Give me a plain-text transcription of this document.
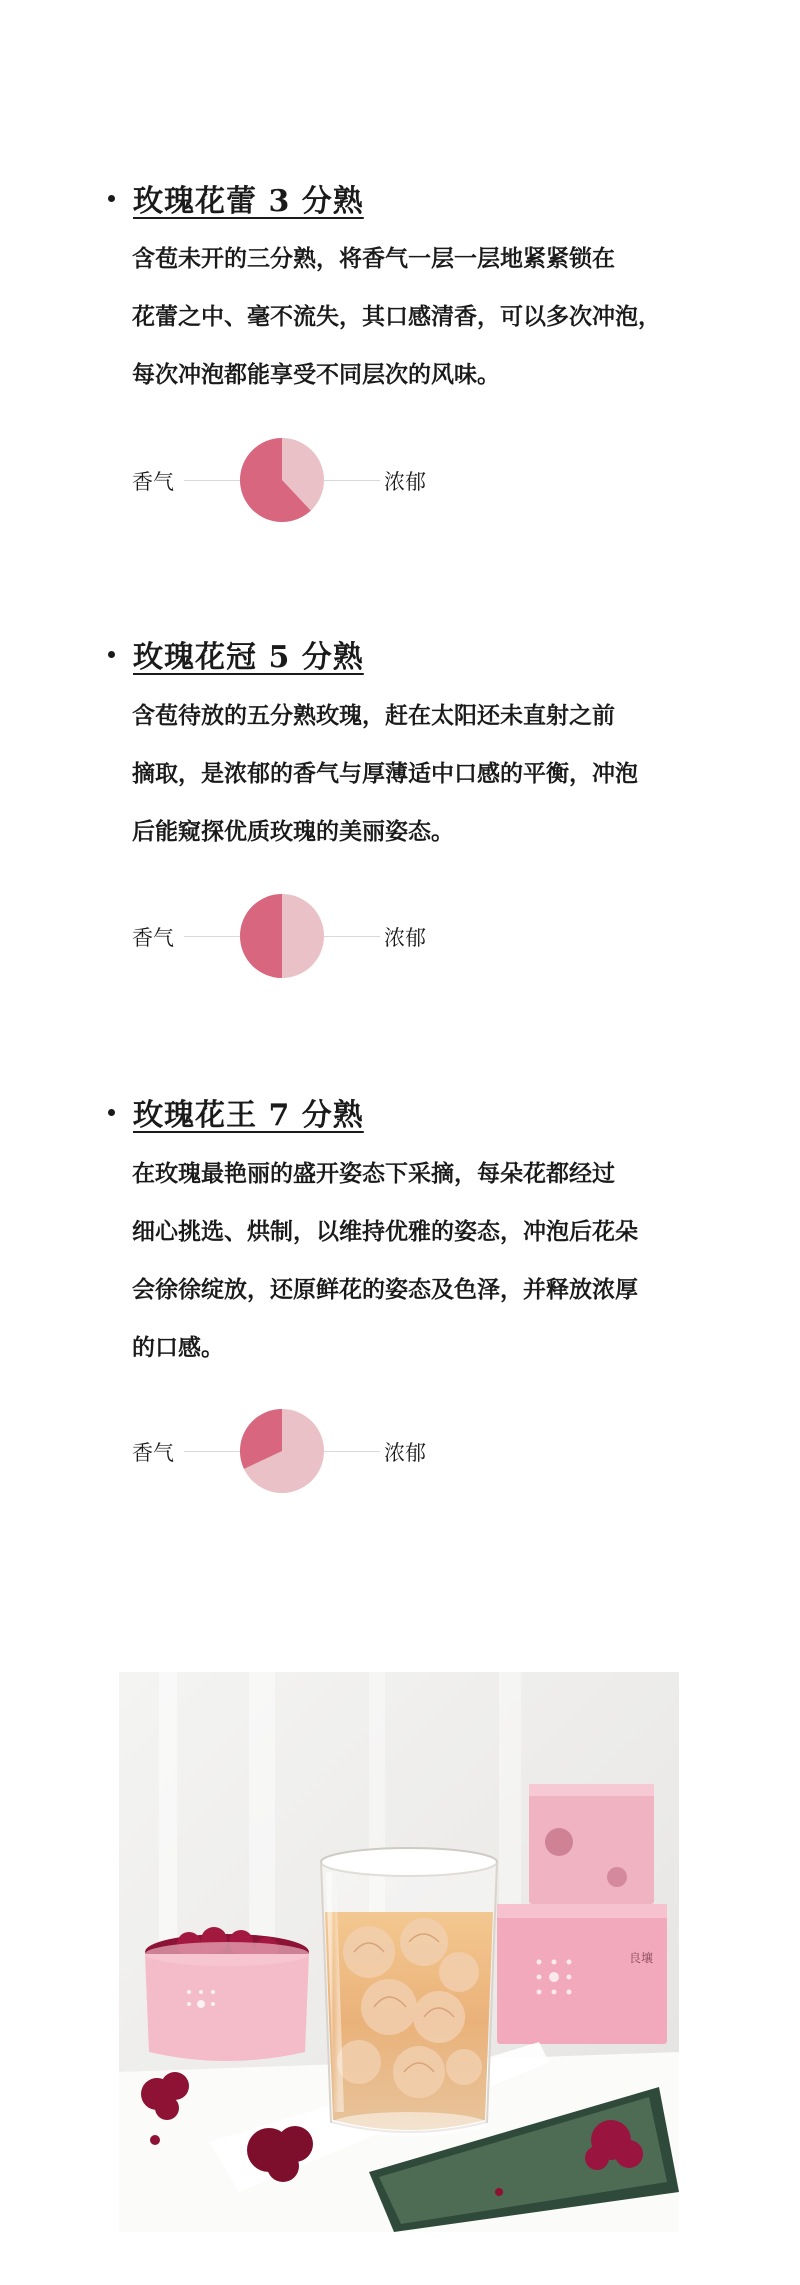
玫瑰花蕾 3 分熟

含苞未开的三分熟，将香气一层一层地紧紧锁在
花蕾之中、毫不流失，其口感清香，可以多次冲泡，
每次冲泡都能享受不同层次的风味。

香气	浓郁
玫瑰花冠 5 分熟

含苞待放的五分熟玫瑰，赶在太阳还未直射之前
摘取，是浓郁的香气与厚薄适中口感的平衡，冲泡
后能窥探优质玫瑰的美丽姿态。

香气	浓郁
玫瑰花王 7 分熟

在玫瑰最艳丽的盛开姿态下采摘，每朵花都经过
细心挑选、烘制，以维持优雅的姿态，冲泡后花朵
会徐徐绽放，还原鲜花的姿态及色泽，并释放浓厚
的口感。

香气	浓郁
良壤
